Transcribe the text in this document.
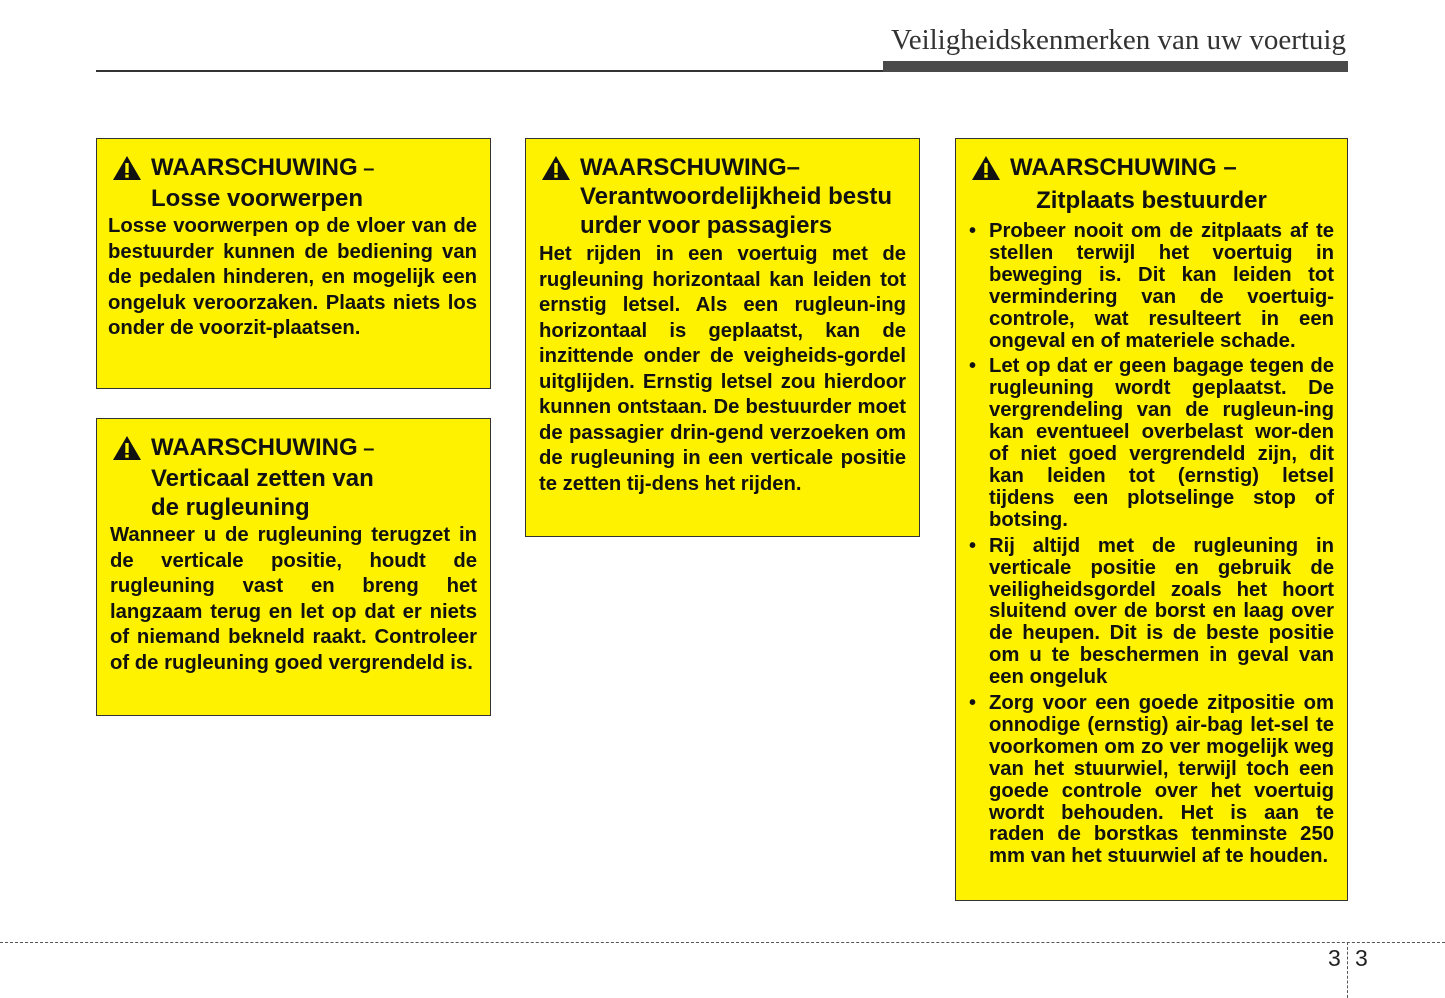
Veiligheidskenmerken van uw voertuig
WAARSCHUWING –
Losse voorwerpen
Losse voorwerpen op de vloer van de bestuurder kunnen de bediening van de pedalen hinderen, en mogelijk een ongeluk veroorzaken. Plaats niets los onder de voorzit-plaatsen.
WAARSCHUWING –
Verticaal zetten van
de rugleuning
Wanneer u de rugleuning terugzet in de verticale positie, houdt de rugleuning vast en breng het langzaam terug en let op dat er niets of niemand bekneld raakt. Controleer of de rugleuning goed vergrendeld is.
WAARSCHUWING–
Verantwoordelijkheid bestu
urder voor passagiers
Het rijden in een voertuig met de rugleuning horizontaal kan leiden tot ernstig letsel. Als een rugleun-ing horizontaal is geplaatst, kan de inzittende onder de veigheids-gordel uitglijden. Ernstig letsel zou hierdoor kunnen ontstaan. De bestuurder moet de passagier drin-gend verzoeken om de rugleuning in een verticale positie te zetten tij-dens het rijden.
WAARSCHUWING –
Zitplaats bestuurder
• Probeer nooit om de zitplaats af te stellen terwijl het voertuig in beweging is. Dit kan leiden tot vermindering van de voertuig-controle, wat resulteert in een ongeval en of materiele schade.
• Let op dat er geen bagage tegen de rugleuning wordt geplaatst. De vergrendeling van de rugleun-ing kan eventueel overbelast wor-den of niet goed vergrendeld zijn, dit kan leiden tot (ernstig) letsel tijdens een plotselinge stop of botsing.
• Rij altijd met de rugleuning in verticale positie en gebruik de veiligheidsgordel zoals het hoort sluitend over de borst en laag over de heupen. Dit is de beste positie om u te beschermen in geval van een ongeluk
• Zorg voor een goede zitpositie om onnodige (ernstig) air-bag let-sel te voorkomen om zo ver mogelijk weg van het stuurwiel, terwijl toch een goede controle over het voertuig wordt behouden. Het is aan te raden de borstkas tenminste 250 mm van het stuurwiel af te houden.
3 3
